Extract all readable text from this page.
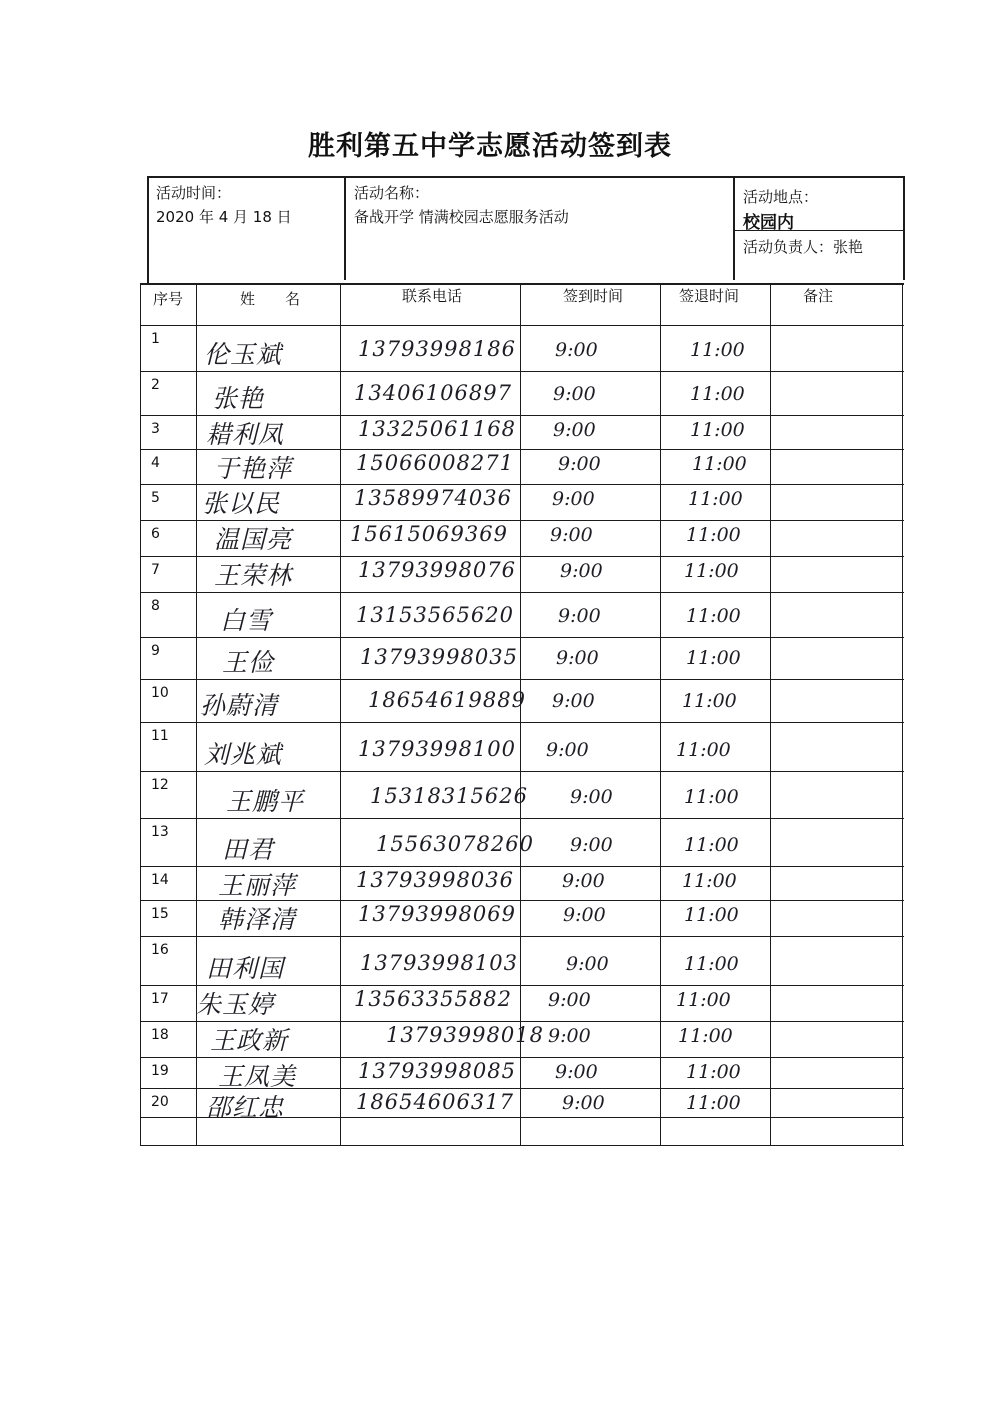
胜利第五中学志愿活动签到表
活动时间：
2020 年 4 月 18 日
活动名称：
备战开学 情满校园志愿服务活动
活动地点：
校园内
活动负责人：张艳
序号	姓　　名	联系电话	签到时间	签退时间	备注
1
伦玉斌	13793998186 9:00	11:00
2 张艳	13406106897 9:00	11:00
3 耤利凤	13325061168 9:00	11:00
4 于艳萍	15066008271 9:00	11:00
5 张以民	13589974036 9:00	11:00
6 温国亮	15615069369 9:00	11:00
7 王荣林	13793998076 9:00	11:00
8 白雪	13153565620 9:00	11:00
9 王俭	13793998035 9:00	11:00
10 孙蔚清	18654619889 9:00	11:00
11
刘兆斌	13793998100 9:00	11:00
12
王鹏平	15318315626 9:00	11:00
13
田君	15563078260 9:00	11:00
14 王丽萍	13793998036	9:00	11:00
15 韩泽清	13793998069 9:00	11:00
16
田利国	13793998103	9:00	11:00
17 朱玉婷	13563355882 9:00	11:00
18 王政新	13793998018 9:00	11:00
19 王凤美	13793998085 9:00	11:00
20 邵红忠	18654606317	9:00	11:00
